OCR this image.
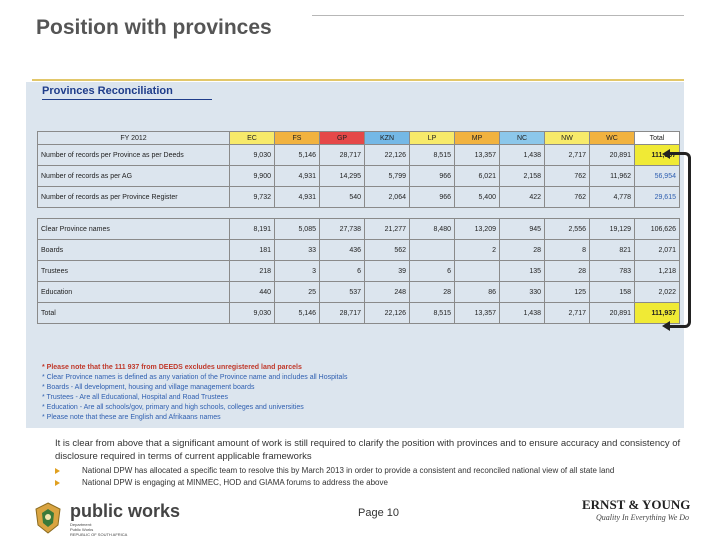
Position with provinces
Provinces Reconciliation
FY 2012	EC	FS	GP	KZN	LP	MP	NC	NW	WC	Total
Number of records per Province as per Deeds	9,030	5,146	28,717	22,126	8,515	13,357	1,438	2,717	20,891	111,937
Number of records as per AG	9,900	4,931	14,295	5,799	966	6,021	2,158	762	11,962	56,954
Number of records as per Province Register	9,732	4,931	540	2,064	966	5,400	422	762	4,778	29,615

Clear Province names	8,191	5,085	27,738	21,277	8,480	13,209	945	2,556	19,129	106,626
Boards	181	33	436	562		2	28	8	821	2,071
Trustees	218	3	6	39	6		135	28	783	1,218
Education	440	25	537	248	28	86	330	125	158	2,022
Total	9,030	5,146	28,717	22,126	8,515	13,357	1,438	2,717	20,891	111,937
* Please note that the 111 937 from DEEDS excludes unregistered land parcels
* Clear Province names is defined as any variation of the Province name and includes all Hospitals
* Boards - All development, housing and village management boards
* Trustees - Are all Educational, Hospital and Road Trustees
* Education - Are all schools/gov, primary and high schools, colleges and universities
* Please note that these are English and Afrikaans names
It is clear from above that a significant amount of work is still required to clarify the position with provinces and to ensure accuracy and consistency of disclosure required in terms of current applicable frameworks
National DPW has allocated a specific team to resolve this by March 2013 in order to provide a consistent and reconciled national view of all state land
National DPW is engaging at MINMEC, HOD and GIAMA forums to address the above
public works
Department:
Public Works
REPUBLIC OF SOUTH AFRICA
Page 10
ERNST & YOUNG
Quality In Everything We Do
